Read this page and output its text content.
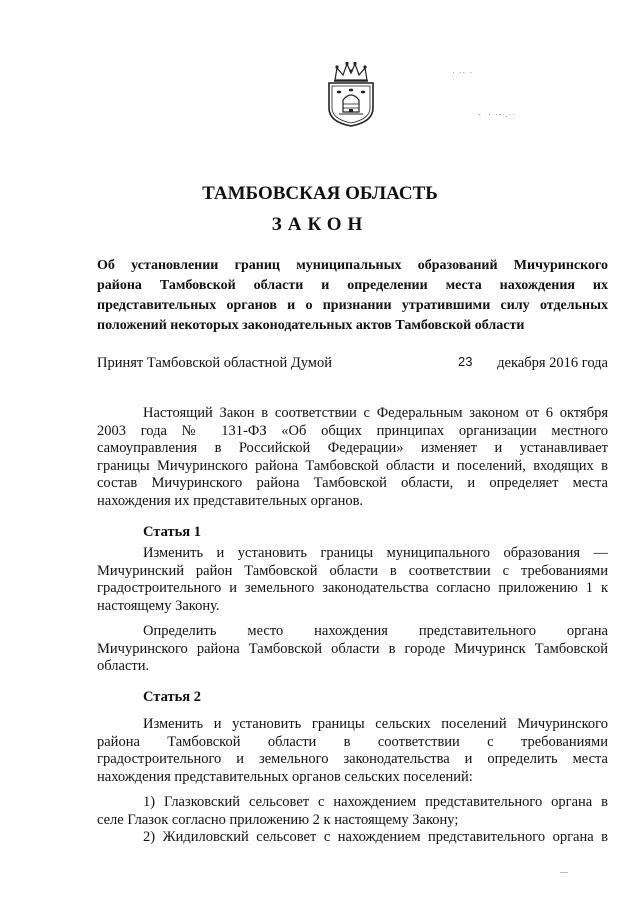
· ·· ·
-  · ·- .··
ТАМБОВСКАЯ ОБЛАСТЬ
ЗАКОН
Об установлении границ муниципальных образований Мичуринского
района Тамбовской области и определении места нахождения их
представительных органов и о признании утратившими силу отдельных
положений некоторых законодательных актов Тамбовской области
Принят Тамбовской областной Думой	23 декабря 2016 года
Настоящий Закон в соответствии с Федеральным законом от 6 октября
2003 года № 131-ФЗ «Об общих принципах организации местного
самоуправления в Российской Федерации» изменяет и устанавливает
границы Мичуринского района Тамбовской области и поселений, входящих в
состав Мичуринского района Тамбовской области, и определяет места
нахождения их представительных органов.
Статья 1
Изменить и установить границы муниципального образования —
Мичуринский район Тамбовской области в соответствии с требованиями
градостроительного и земельного законодательства согласно приложению 1 к
настоящему Закону.
Определить место нахождения представительного органа
Мичуринского района Тамбовской области в городе Мичуринск Тамбовской
области.
Статья 2
Изменить и установить границы сельских поселений Мичуринского
района Тамбовской области в соответствии с требованиями
градостроительного и земельного законодательства и определить места
нахождения представительных органов сельских поселений:
1) Глазковский сельсовет с нахождением представительного органа в
селе Глазок согласно приложению 2 к настоящему Закону;
2) Жидиловский сельсовет с нахождением представительного органа в
